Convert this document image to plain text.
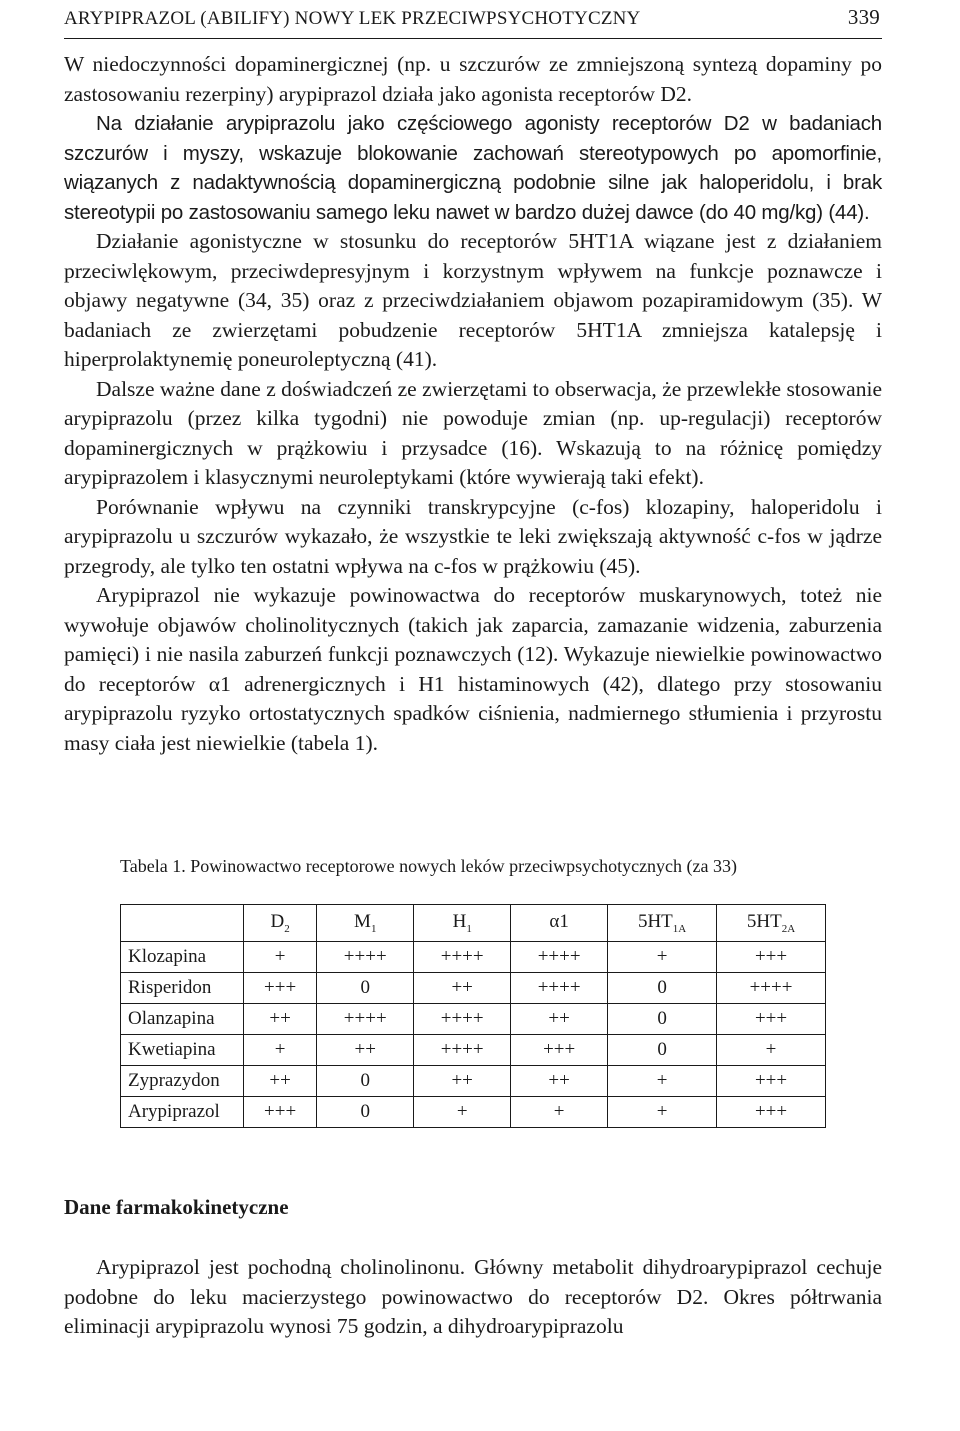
ARYPIPRAZOL (ABILIFY) NOWY LEK PRZECIWPSYCHOTYCZNY	339

W niedoczynności dopaminergicznej (np. u szczurów ze zmniejszoną syntezą dopaminy po zastosowaniu rezerpiny) arypiprazol działa jako agonista receptorów D2.

Na działanie arypiprazolu jako częściowego agonisty receptorów D2 w badaniach szczurów i myszy, wskazuje blokowanie zachowań stereotypowych po apomorfinie, wiązanych z nadaktywnością dopaminergiczną podobnie silne jak haloperidolu, i brak stereotypii po zastosowaniu samego leku nawet w bardzo dużej dawce (do 40 mg/kg) (44).

Działanie agonistyczne w stosunku do receptorów 5HT1A wiązane jest z działaniem przeciwlękowym, przeciwdepresyjnym i korzystnym wpływem na funkcje poznawcze i objawy negatywne (34, 35) oraz z przeciwdziałaniem objawom pozapiramidowym (35). W badaniach ze zwierzętami pobudzenie receptorów 5HT1A zmniejsza katalepsję i hiperprolaktynemię poneuroleptyczną (41).

Dalsze ważne dane z doświadczeń ze zwierzętami to obserwacja, że przewlekłe stosowanie arypiprazolu (przez kilka tygodni) nie powoduje zmian (np. up-regulacji) receptorów dopaminergicznych w prążkowiu i przysadce (16). Wskazują to na różnicę pomiędzy arypiprazolem i klasycznymi neuroleptykami (które wywierają taki efekt).

Porównanie wpływu na czynniki transkrypcyjne (c-fos) klozapiny, haloperidolu i arypiprazolu u szczurów wykazało, że wszystkie te leki zwiększają aktywność c-fos w jądrze przegrody, ale tylko ten ostatni wpływa na c-fos w prążkowiu (45).

Arypiprazol nie wykazuje powinowactwa do receptorów muskarynowych, toteż nie wywołuje objawów cholinolitycznych (takich jak zaparcia, zamazanie widzenia, zaburzenia pamięci) i nie nasila zaburzeń funkcji poznawczych (12). Wykazuje niewielkie powinowactwo do receptorów α1 adrenergicznych i H1 histaminowych (42), dlatego przy stosowaniu arypiprazolu ryzyko ortostatycznych spadków ciśnienia, nadmiernego stłumienia i przyrostu masy ciała jest niewielkie (tabela 1).

Tabela 1. Powinowactwo receptorowe nowych leków przeciwpsychotycznych (za 33)
	$D_2$	$M_1$	$H_1$	α1	$5HT_{1A}$	$5HT_{2A}$
Klozapina	+	++++	++++	++++	+	+++
Risperidon	+++	0	++	++++	0	++++
Olanzapina	++	++++	++++	++	0	+++
Kwetiapina	+	++	++++	+++	0	+
Zyprazydon	++	0	++	++	+	+++
Arypiprazol	+++	0	+	+	+	+++
Dane farmakokinetyczne

Arypiprazol jest pochodną cholinolinonu. Główny metabolit dihydroarypiprazol cechuje podobne do leku macierzystego powinowactwo do receptorów D2. Okres półtrwania eliminacji arypiprazolu wynosi 75 godzin, a dihydroarypiprazolu
